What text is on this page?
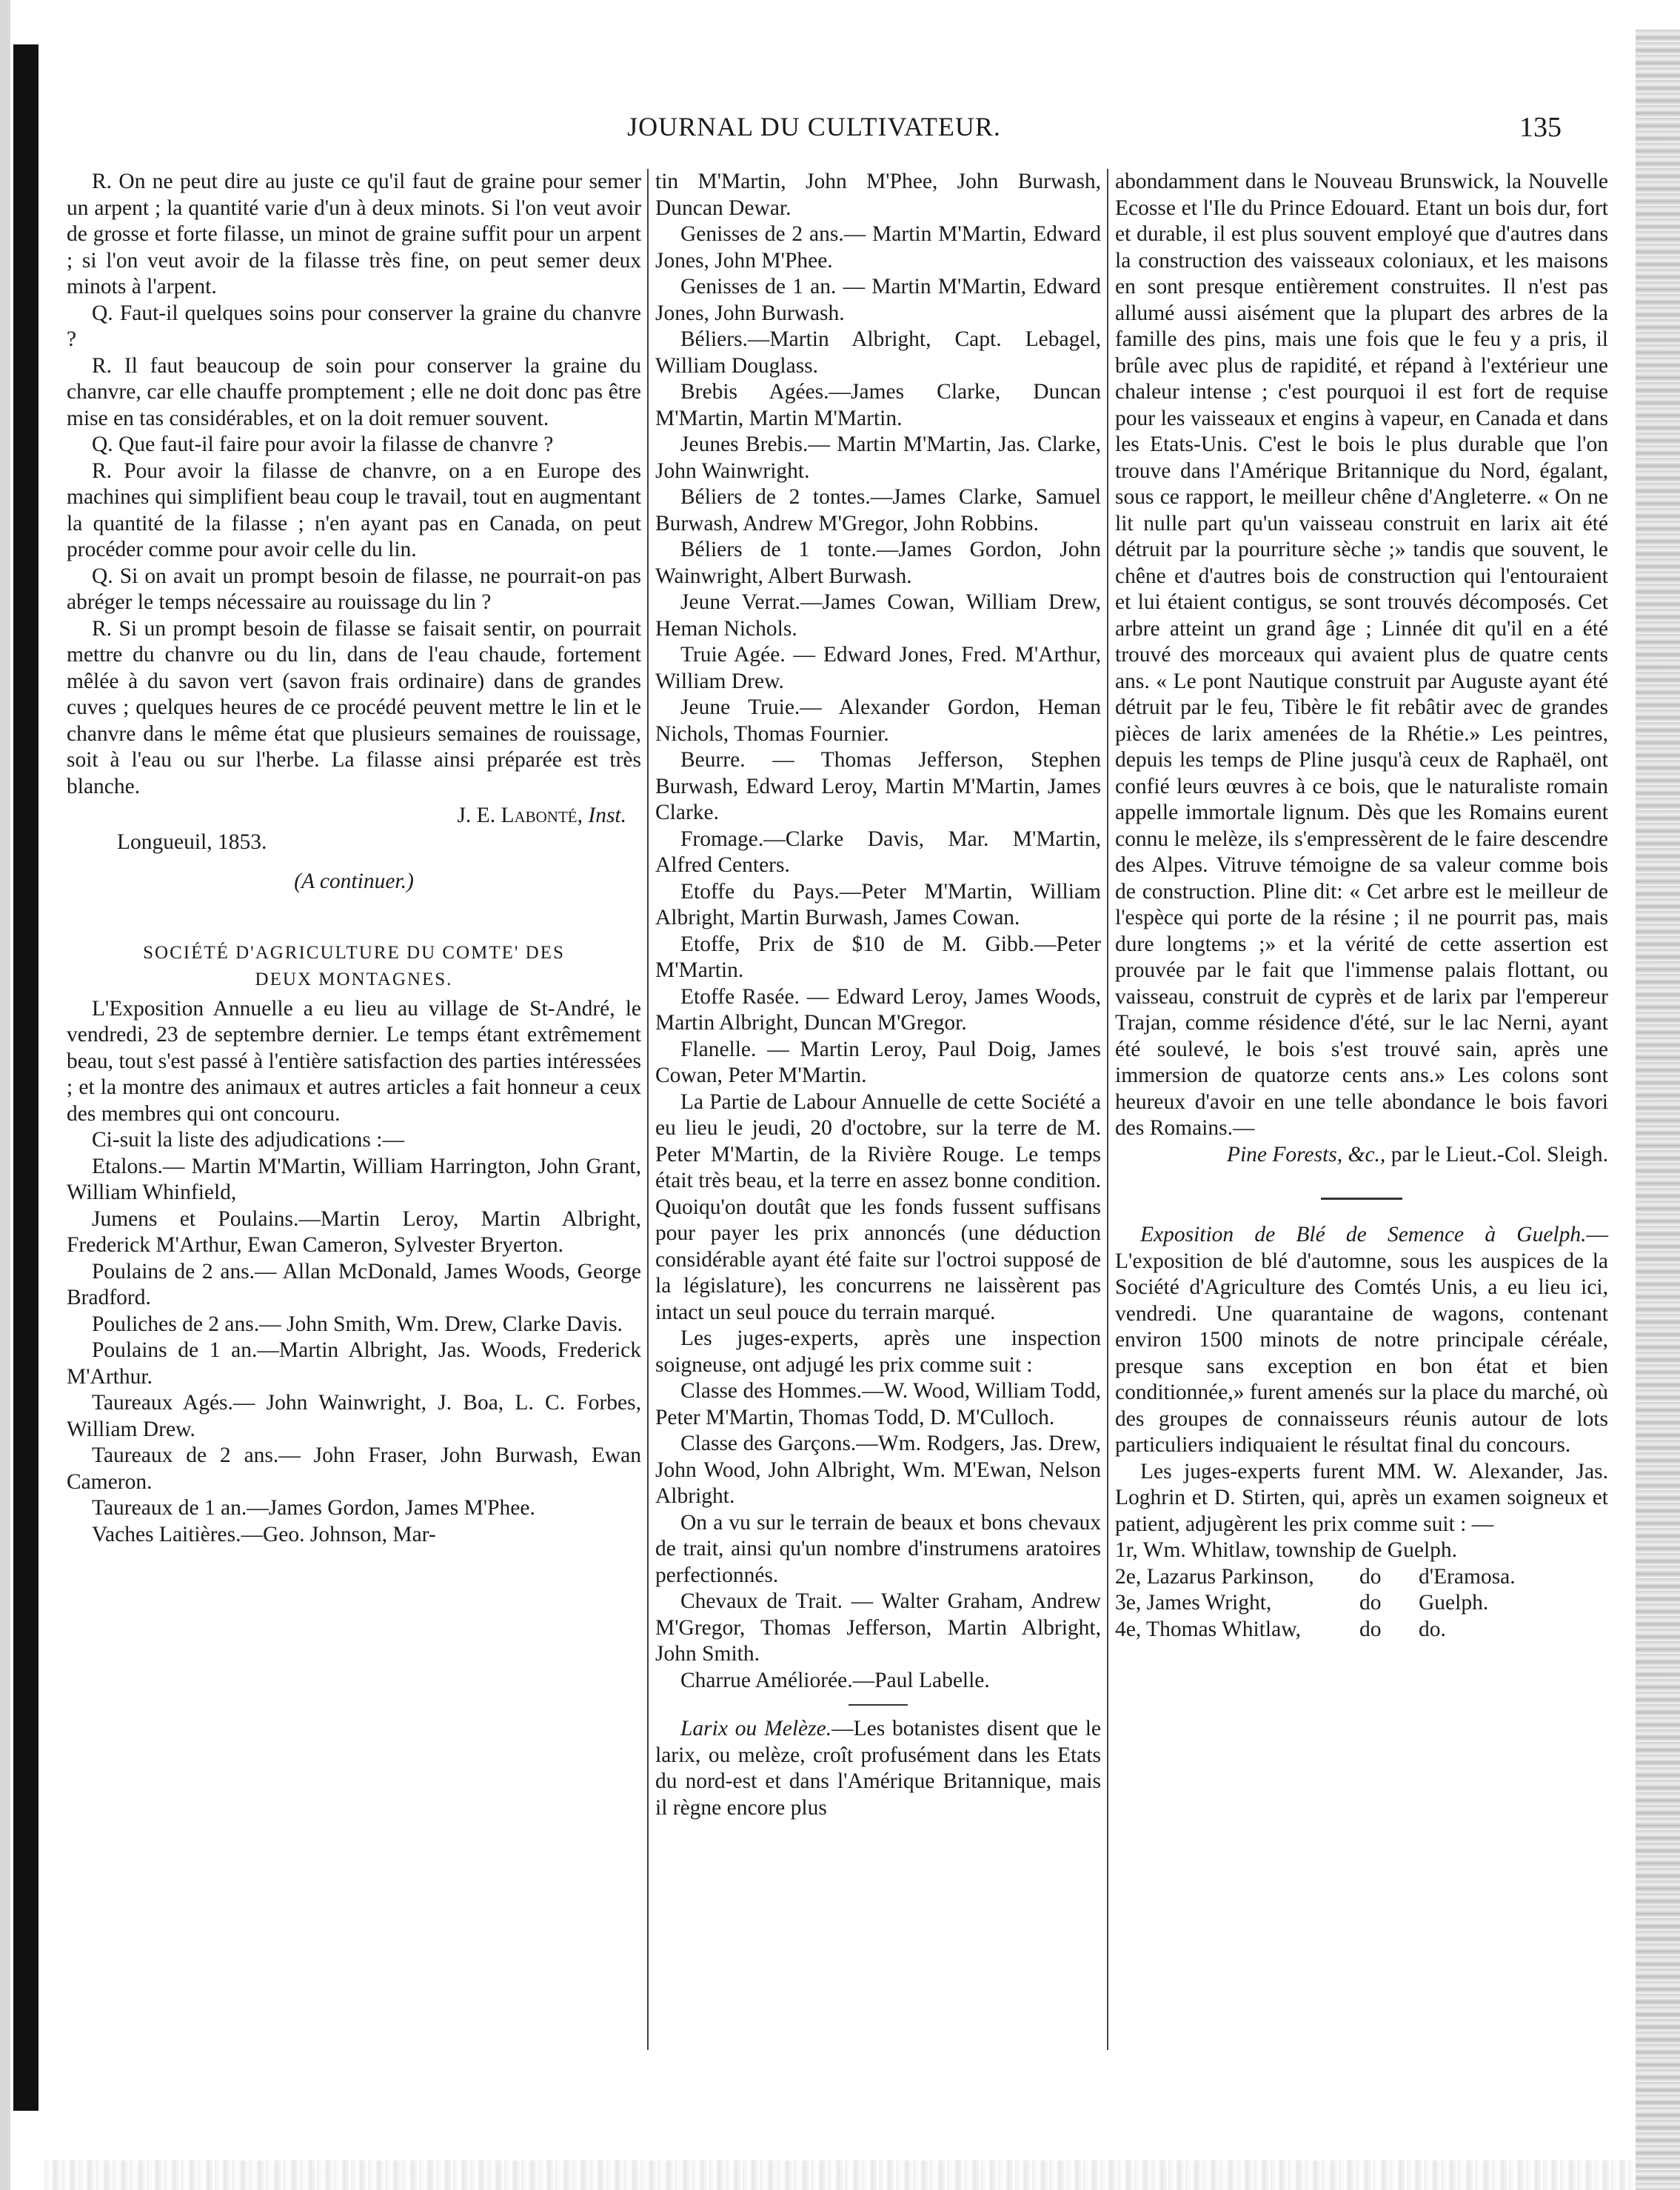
JOURNAL DU CULTIVATEUR.	135

R. On ne peut dire au juste ce qu'il faut de graine pour semer un arpent ; la quantité varie d'un à deux minots. Si l'on veut avoir de grosse et forte filasse, un minot de graine suffit pour un arpent ; si l'on veut avoir de la filasse très fine, on peut semer deux minots à l'arpent.

Q. Faut-il quelques soins pour conserver la graine du chanvre ?

R. Il faut beaucoup de soin pour conserver la graine du chanvre, car elle chauffe promptement ; elle ne doit donc pas être mise en tas considérables, et on la doit remuer souvent.

Q. Que faut-il faire pour avoir la filasse de chanvre ?

R. Pour avoir la filasse de chanvre, on a en Europe des machines qui simplifient beau coup le travail, tout en augmentant la quantité de la filasse ; n'en ayant pas en Canada, on peut procéder comme pour avoir celle du lin.

Q. Si on avait un prompt besoin de filasse, ne pourrait-on pas abréger le temps nécessaire au rouissage du lin ?

R. Si un prompt besoin de filasse se faisait sentir, on pourrait mettre du chanvre ou du lin, dans de l'eau chaude, fortement mêlée à du savon vert (savon frais ordinaire) dans de grandes cuves ; quelques heures de ce procédé peuvent mettre le lin et le chanvre dans le même état que plusieurs semaines de rouissage, soit à l'eau ou sur l'herbe. La filasse ainsi préparée est très blanche.

J. E. Labonté, Inst.

Longueuil, 1853.

(A continuer.)
SOCIÉTÉ D'AGRICULTURE DU COMTE' DES
DEUX MONTAGNES.

L'Exposition Annuelle a eu lieu au village de St-André, le vendredi, 23 de septembre dernier. Le temps étant extrêmement beau, tout s'est passé à l'entière satisfaction des parties intéressées ; et la montre des animaux et autres articles a fait honneur a ceux des membres qui ont concouru.

Ci-suit la liste des adjudications :—

Etalons.— Martin M'Martin, William Harrington, John Grant, William Whinfield,

Jumens et Poulains.—Martin Leroy, Martin Albright, Frederick M'Arthur, Ewan Cameron, Sylvester Bryerton.

Poulains de 2 ans.— Allan McDonald, James Woods, George Bradford.

Pouliches de 2 ans.— John Smith, Wm. Drew, Clarke Davis.

Poulains de 1 an.—Martin Albright, Jas. Woods, Frederick M'Arthur.

Taureaux Agés.— John Wainwright, J. Boa, L. C. Forbes, William Drew.

Taureaux de 2 ans.— John Fraser, John Burwash, Ewan Cameron.

Taureaux de 1 an.—James Gordon, James M'Phee.

Vaches Laitières.—Geo. Johnson, Mar-

tin M'Martin, John M'Phee, John Burwash, Duncan Dewar.

Genisses de 2 ans.— Martin M'Martin, Edward Jones, John M'Phee.

Genisses de 1 an. — Martin M'Martin, Edward Jones, John Burwash.

Béliers.—Martin Albright, Capt. Lebagel, William Douglass.

Brebis Agées.—James Clarke, Duncan M'Martin, Martin M'Martin.

Jeunes Brebis.— Martin M'Martin, Jas. Clarke, John Wainwright.

Béliers de 2 tontes.—James Clarke, Samuel Burwash, Andrew M'Gregor, John Robbins.

Béliers de 1 tonte.—James Gordon, John Wainwright, Albert Burwash.

Jeune Verrat.—James Cowan, William Drew, Heman Nichols.

Truie Agée. — Edward Jones, Fred. M'Arthur, William Drew.

Jeune Truie.— Alexander Gordon, Heman Nichols, Thomas Fournier.

Beurre. — Thomas Jefferson, Stephen Burwash, Edward Leroy, Martin M'Martin, James Clarke.

Fromage.—Clarke Davis, Mar. M'Martin, Alfred Centers.

Etoffe du Pays.—Peter M'Martin, William Albright, Martin Burwash, James Cowan.

Etoffe, Prix de $10 de M. Gibb.—Peter M'Martin.

Etoffe Rasée. — Edward Leroy, James Woods, Martin Albright, Duncan M'Gregor.

Flanelle. — Martin Leroy, Paul Doig, James Cowan, Peter M'Martin.

La Partie de Labour Annuelle de cette Société a eu lieu le jeudi, 20 d'octobre, sur la terre de M. Peter M'Martin, de la Rivière Rouge. Le temps était très beau, et la terre en assez bonne condition. Quoiqu'on doutât que les fonds fussent suffisans pour payer les prix annoncés (une déduction considérable ayant été faite sur l'octroi supposé de la législature), les concurrens ne laissèrent pas intact un seul pouce du terrain marqué.

Les juges-experts, après une inspection soigneuse, ont adjugé les prix comme suit :

Classe des Hommes.—W. Wood, William Todd, Peter M'Martin, Thomas Todd, D. M'Culloch.

Classe des Garçons.—Wm. Rodgers, Jas. Drew, John Wood, John Albright, Wm. M'Ewan, Nelson Albright.

On a vu sur le terrain de beaux et bons chevaux de trait, ainsi qu'un nombre d'instrumens aratoires perfectionnés.

Chevaux de Trait. — Walter Graham, Andrew M'Gregor, Thomas Jefferson, Martin Albright, John Smith.

Charrue Améliorée.—Paul Labelle.

Larix ou Melèze.—Les botanistes disent que le larix, ou melèze, croît profusément dans les Etats du nord-est et dans l'Amérique Britannique, mais il règne encore plus

abondamment dans le Nouveau Brunswick, la Nouvelle Ecosse et l'Ile du Prince Edouard. Etant un bois dur, fort et durable, il est plus souvent employé que d'autres dans la construction des vaisseaux coloniaux, et les maisons en sont presque entièrement construites. Il n'est pas allumé aussi aisément que la plupart des arbres de la famille des pins, mais une fois que le feu y a pris, il brûle avec plus de rapidité, et répand à l'extérieur une chaleur intense ; c'est pourquoi il est fort de requise pour les vaisseaux et engins à vapeur, en Canada et dans les Etats-Unis. C'est le bois le plus durable que l'on trouve dans l'Amérique Britannique du Nord, égalant, sous ce rapport, le meilleur chêne d'Angleterre. « On ne lit nulle part qu'un vaisseau construit en larix ait été détruit par la pourriture sèche ;» tandis que souvent, le chêne et d'autres bois de construction qui l'entouraient et lui étaient contigus, se sont trouvés décomposés. Cet arbre atteint un grand âge ; Linnée dit qu'il en a été trouvé des morceaux qui avaient plus de quatre cents ans. « Le pont Nautique construit par Auguste ayant été détruit par le feu, Tibère le fit rebâtir avec de grandes pièces de larix amenées de la Rhétie.» Les peintres, depuis les temps de Pline jusqu'à ceux de Raphaël, ont confié leurs œuvres à ce bois, que le naturaliste romain appelle immortale lignum. Dès que les Romains eurent connu le melèze, ils s'empressèrent de le faire descendre des Alpes. Vitruve témoigne de sa valeur comme bois de construction. Pline dit: « Cet arbre est le meilleur de l'espèce qui porte de la résine ; il ne pourrit pas, mais dure longtems ;» et la vérité de cette assertion est prouvée par le fait que l'immense palais flottant, ou vaisseau, construit de cyprès et de larix par l'empereur Trajan, comme résidence d'été, sur le lac Nerni, ayant été soulevé, le bois s'est trouvé sain, après une immersion de quatorze cents ans.» Les colons sont heureux d'avoir en une telle abondance le bois favori des Romains.—

Pine Forests, &c., par le Lieut.-Col. Sleigh.

Exposition de Blé de Semence à Guelph.—L'exposition de blé d'automne, sous les auspices de la Société d'Agriculture des Comtés Unis, a eu lieu ici, vendredi. Une quarantaine de wagons, contenant environ 1500 minots de notre principale céréale, presque sans exception en bon état et bien conditionnée,» furent amenés sur la place du marché, où des groupes de connaisseurs réunis autour de lots particuliers indiquaient le résultat final du concours.

Les juges-experts furent MM. W. Alexander, Jas. Loghrin et D. Stirten, qui, après un examen soigneux et patient, adjugèrent les prix comme suit : —

1r, Wm. Whitlaw, township de Guelph.
2e, Lazarus Parkinson,	do	d'Eramosa.
3e, James Wright,	do	Guelph.
4e, Thomas Whitlaw,	do	do.
